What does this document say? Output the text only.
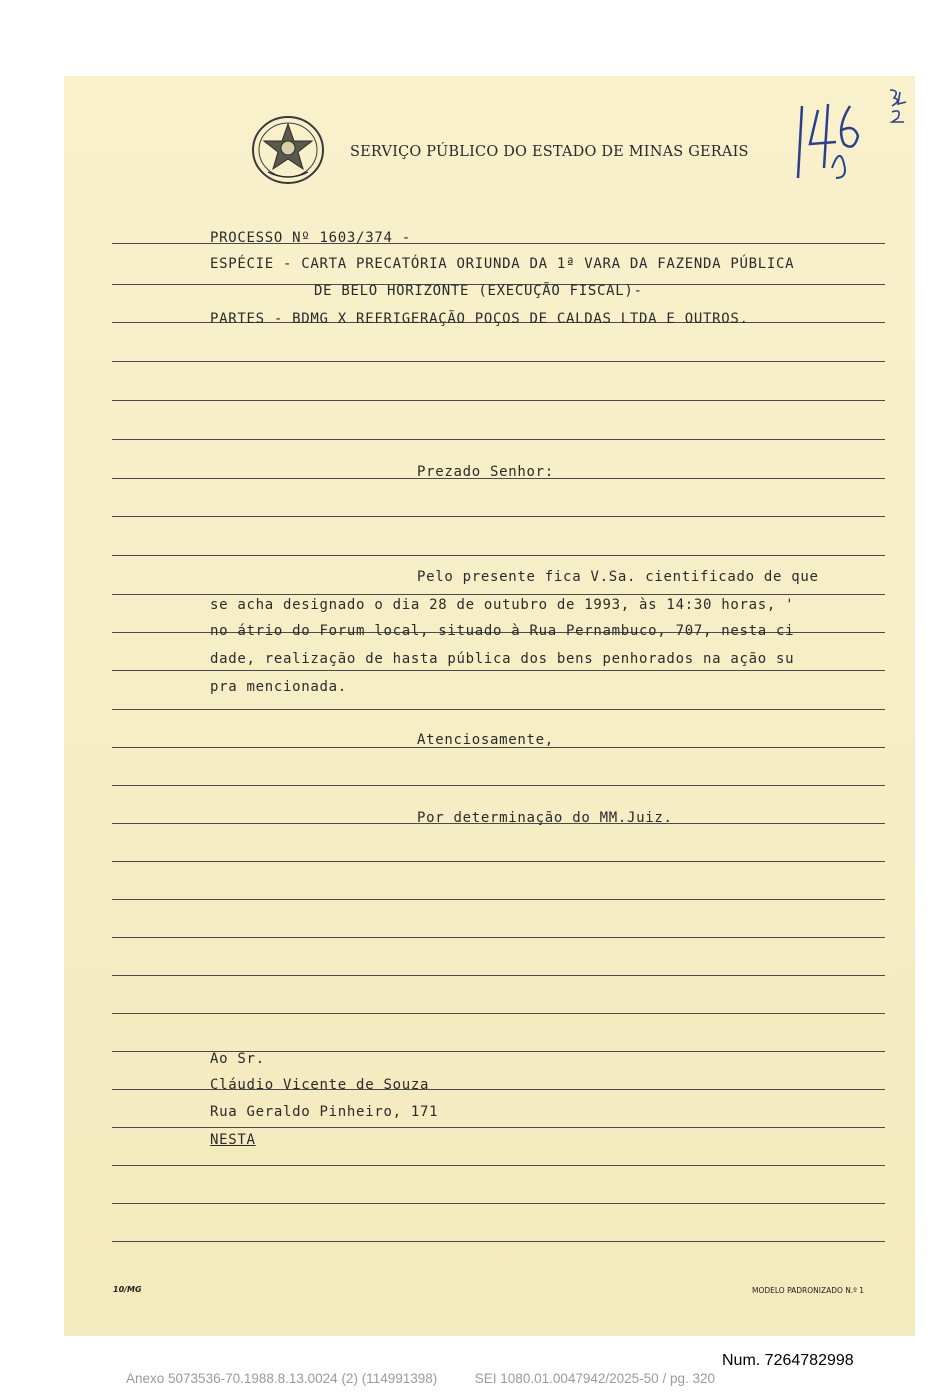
SERVIÇO PÚBLICO DO ESTADO DE MINAS GERAIS
PROCESSO Nº 1603/374 -
ESPÉCIE - CARTA PRECATÓRIA ORIUNDA DA 1ª VARA DA FAZENDA PÚBLICA
DE BELO HORIZONTE (EXECUÇÃO FISCAL)-
PARTES - BDMG X REFRIGERAÇÃO POÇOS DE CALDAS LTDA E OUTROS.
Prezado Senhor:
Pelo presente fica V.Sa. cientificado de que
se acha designado o dia 28 de outubro de 1993, às 14:30 horas, '
no átrio do Forum local, situado à Rua Pernambuco, 707, nesta ci
dade, realização de hasta pública dos bens penhorados na ação su
pra mencionada.
Atenciosamente,
Por determinação do MM.Juiz.
Ao Sr.
Cláudio Vicente de Souza
Rua Geraldo Pinheiro, 171
NESTA
10/MG	MODELO PADRONIZADO N.º 1
Num. 7264782998
Anexo 5073536-70.1988.8.13.0024 (2) (114991398)	SEI 1080.01.0047942/2025-50 / pg. 320
